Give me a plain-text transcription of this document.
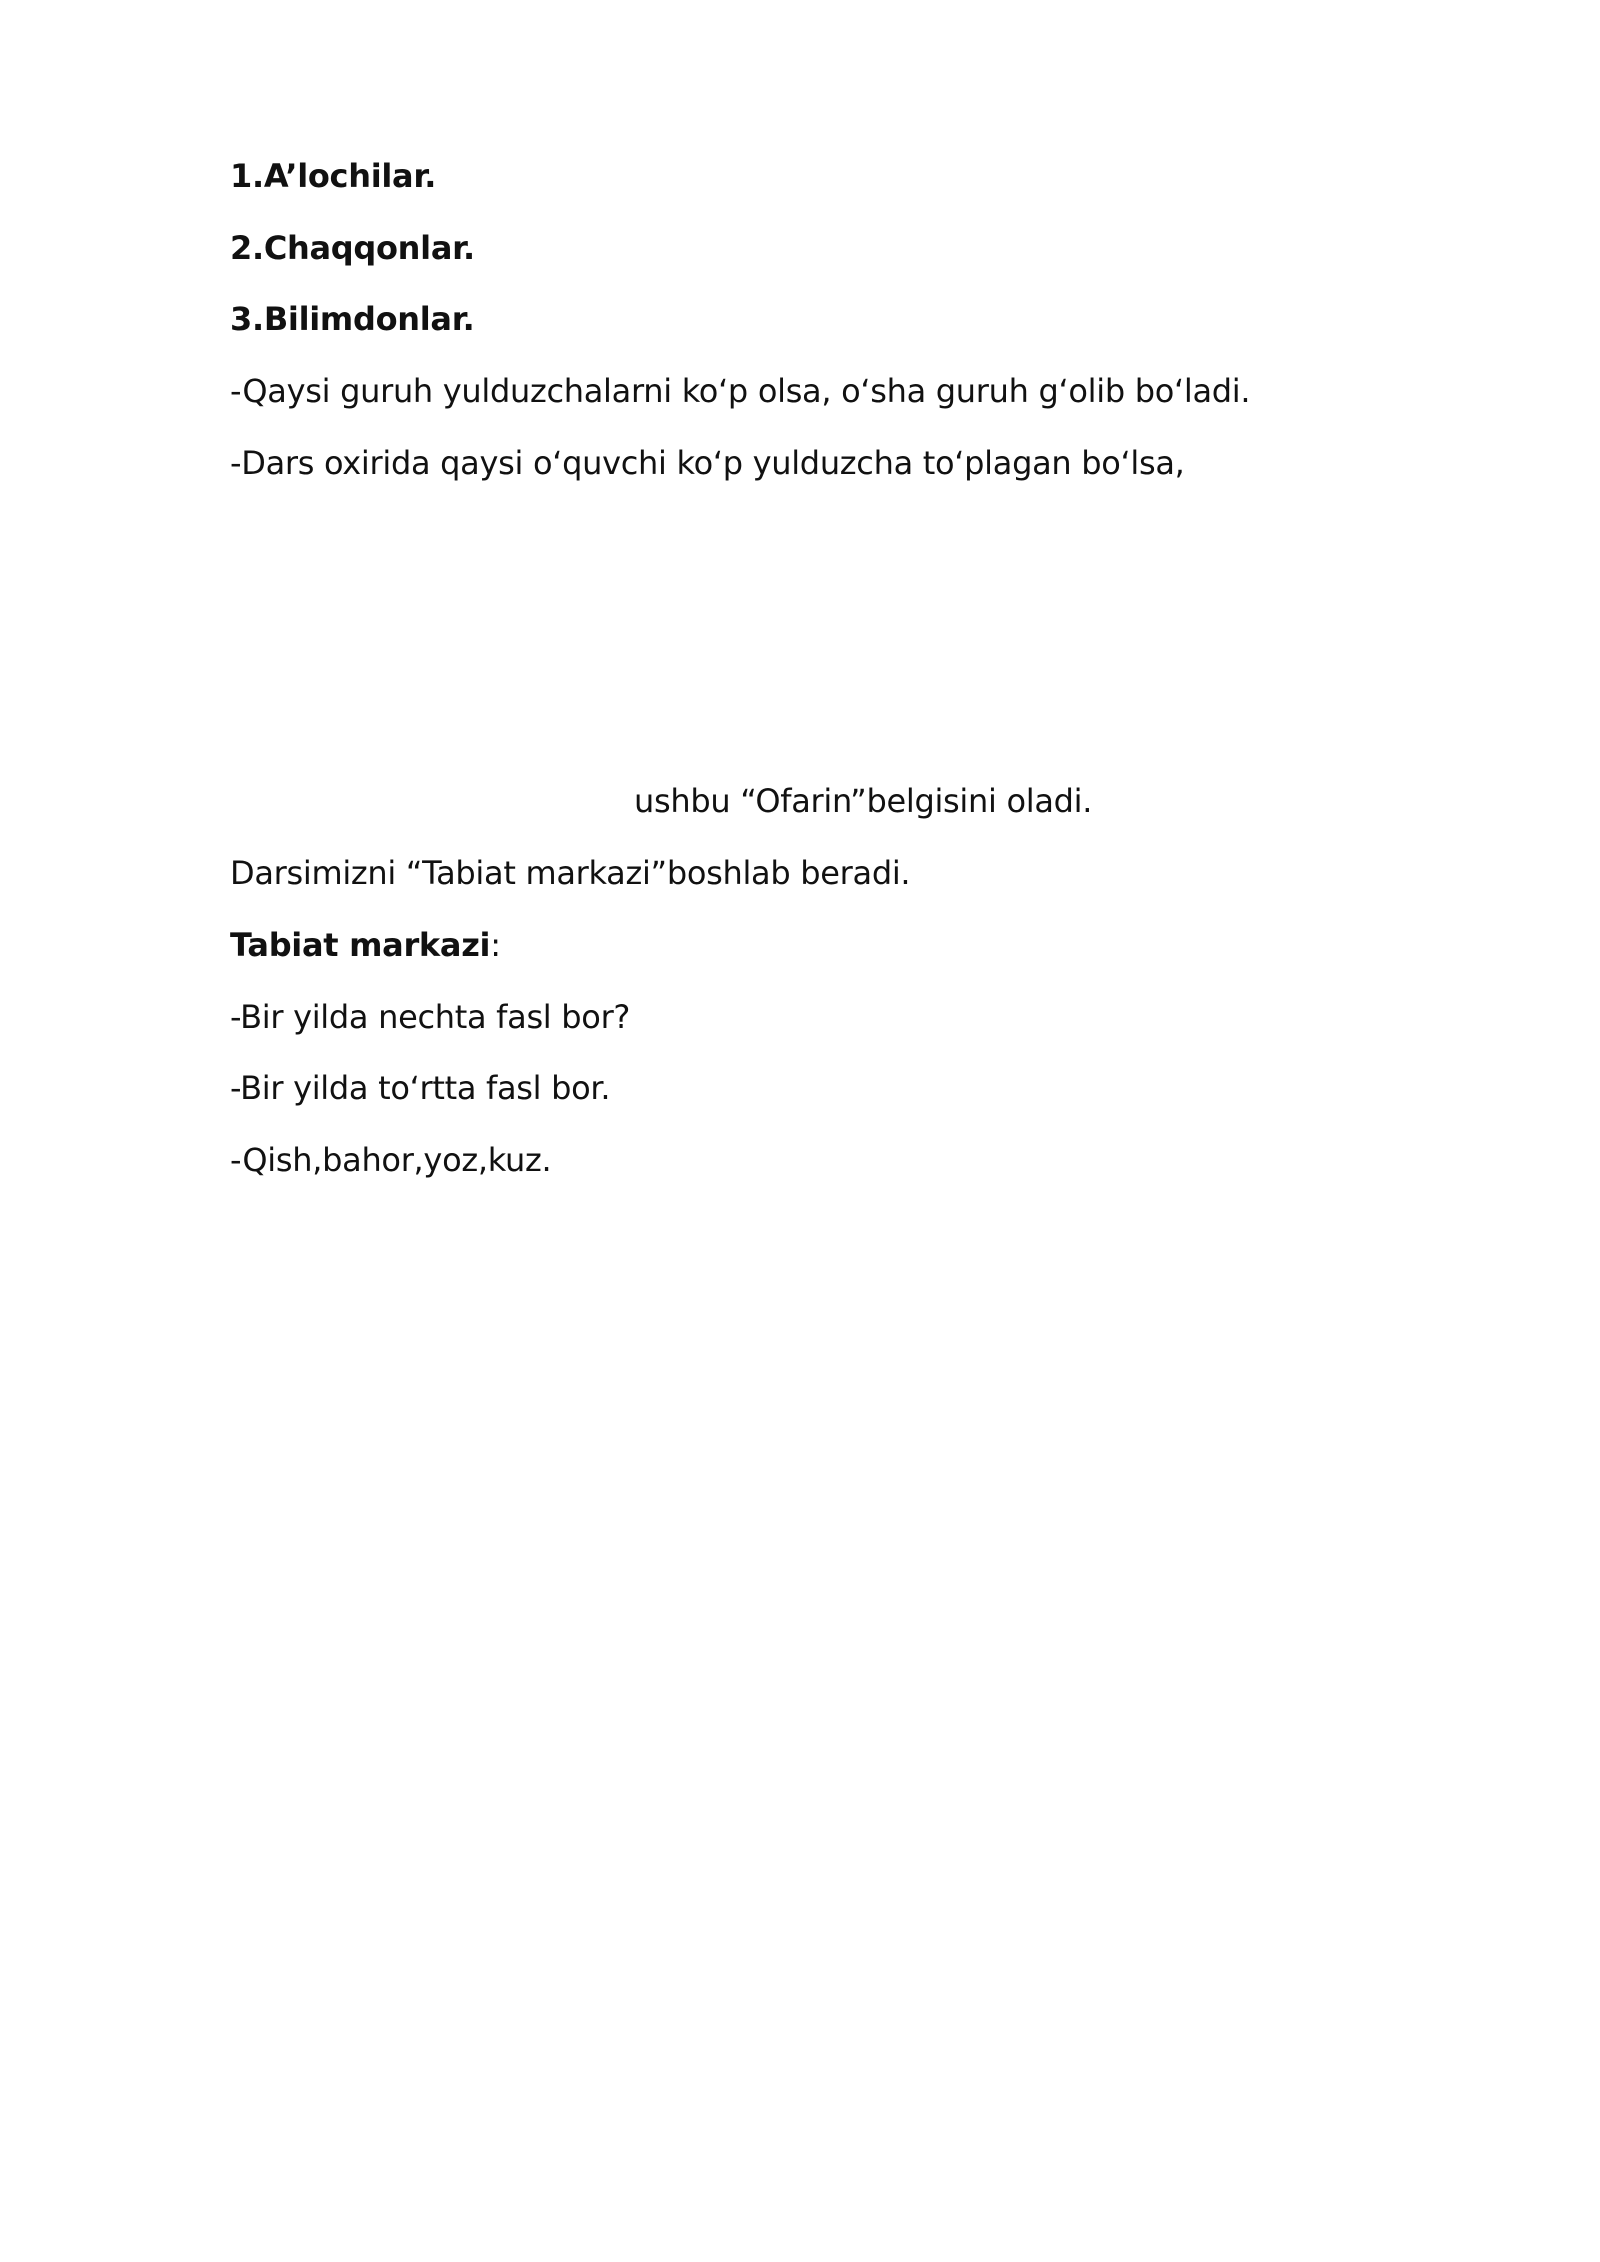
1.A’lochilar.
2.Chaqqonlar.
3.Bilimdonlar.
-Qaysi guruh yulduzchalarni ko‘p olsa, o‘sha guruh g‘olib bo‘ladi.
-Dars oxirida qaysi o‘quvchi ko‘p yulduzcha to‘plagan bo‘lsa,
ushbu “Ofarin”belgisini oladi.
Darsimizni “Tabiat markazi”boshlab beradi.
Tabiat markazi:
-Bir yilda nechta fasl bor?
-Bir yilda to‘rtta fasl bor.
-Qish,bahor,yoz,kuz.
